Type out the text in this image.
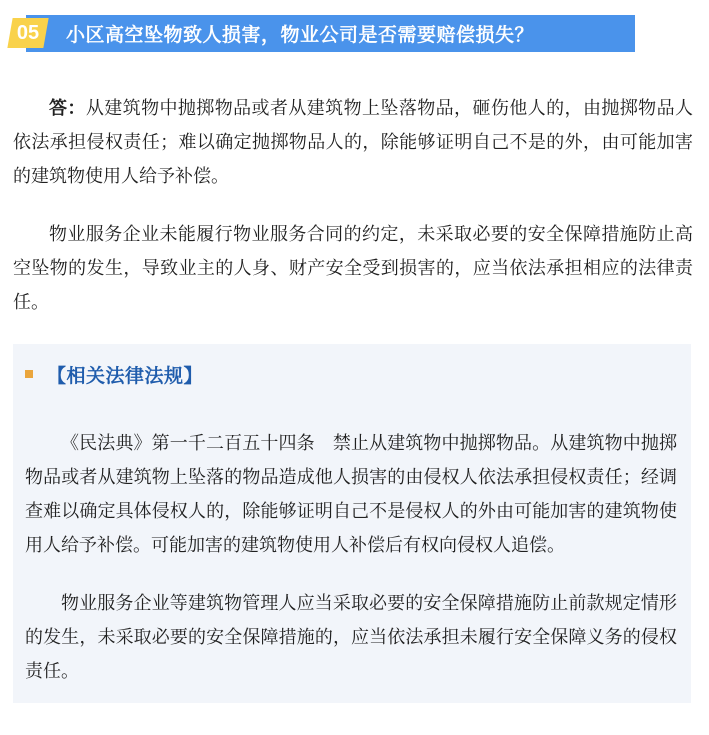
小区高空坠物致人损害，物业公司是否需要赔偿损失？
05

答：从建筑物中抛掷物品或者从建筑物上坠落物品，砸伤他人的，由抛掷物品人依法承担侵权责任；难以确定抛掷物品人的，除能够证明自己不是的外，由可能加害的建筑物使用人给予补偿。

物业服务企业未能履行物业服务合同的约定，未采取必要的安全保障措施防止高空坠物的发生，导致业主的人身、财产安全受到损害的，应当依法承担相应的法律责任。

【相关法律法规】

《民法典》第一千二百五十四条　禁止从建筑物中抛掷物品。从建筑物中抛掷物品或者从建筑物上坠落的物品造成他人损害的由侵权人依法承担侵权责任；经调查难以确定具体侵权人的，除能够证明自己不是侵权人的外由可能加害的建筑物使用人给予补偿。可能加害的建筑物使用人补偿后有权向侵权人追偿。

物业服务企业等建筑物管理人应当采取必要的安全保障措施防止前款规定情形的发生，未采取必要的安全保障措施的，应当依法承担未履行安全保障义务的侵权责任。
